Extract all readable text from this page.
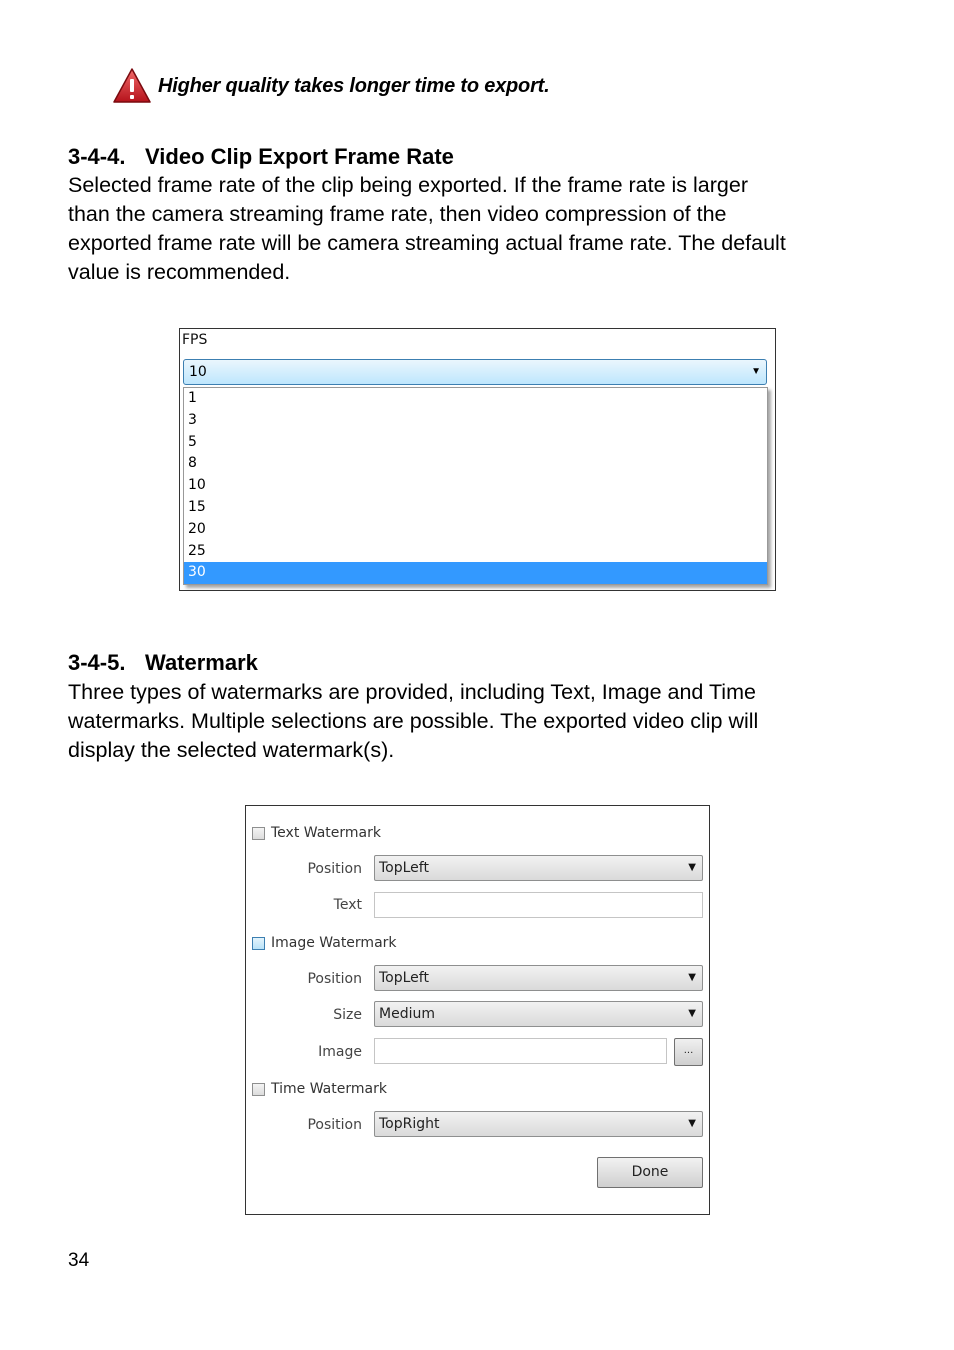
Higher quality takes longer time to export.
3-4-4. Video Clip Export Frame Rate
Selected frame rate of the clip being exported. If the frame rate is larger
than the camera streaming frame rate, then video compression of the
exported frame rate will be camera streaming actual frame rate. The default
value is recommended.
FPS
10	▼
1
3
5
8
10
15
20
25
30
3-4-5. Watermark
Three types of watermarks are provided, including Text, Image and Time
watermarks. Multiple selections are possible. The exported video clip will
display the selected watermark(s).
Text Watermark
Position TopLeft	▼
Text
Image Watermark
Position TopLeft	▼
Size Medium	▼
Image	...
Time Watermark
Position TopRight	▼
Done
34
